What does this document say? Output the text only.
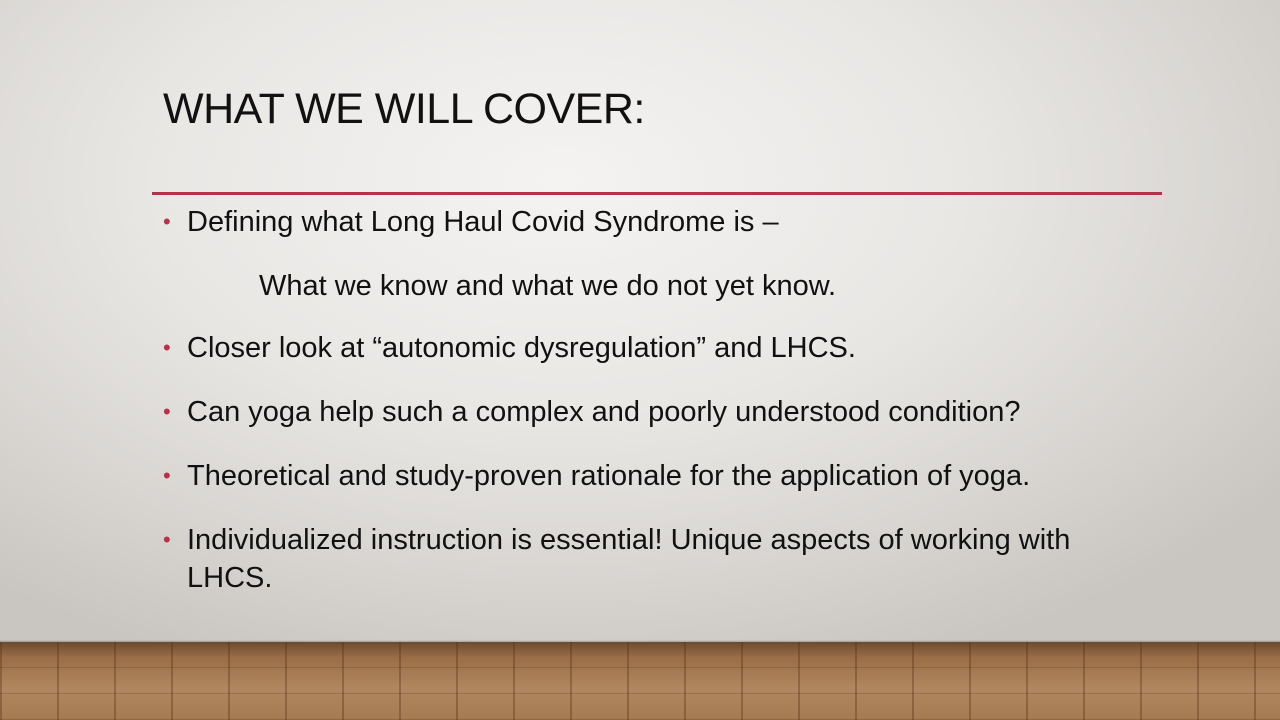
WHAT WE WILL COVER:
• Defining what Long Haul Covid Syndrome is –
What we know and what we do not yet know.
• Closer look at “autonomic dysregulation” and LHCS.
• Can yoga help such a complex and poorly understood condition?
• Theoretical and study-proven rationale for the application of yoga.
• Individualized instruction is essential! Unique aspects of working with LHCS.
